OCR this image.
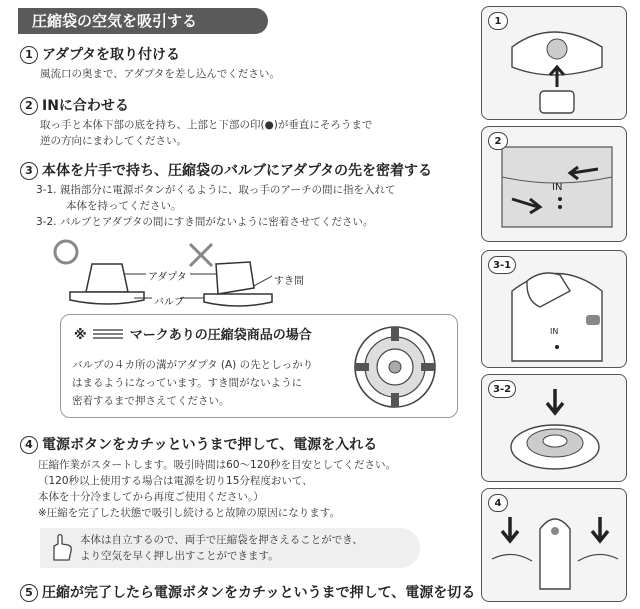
圧縮袋の空気を吸引する
1 アダプタを取り付ける
風流口の奥まで、アダプタを差し込んでください。
2 INに合わせる
取っ手と本体下部の底を持ち、上部と下部の印(●)が垂直にそろうまで
逆の方向にまわしてください。
3 本体を片手で持ち、圧縮袋のバルブにアダプタの先を密着する
3-1. 親指部分に電源ボタンがくるように、取っ手のアーチの間に指を入れて
本体を持ってください。
3-2. バルブとアダプタの間にすき間がないように密着させてください。
アダプタ
バルブ
すき間
※	マークありの圧縮袋商品の場合
バルブの４カ所の溝がアダプタ (A) の先としっかり
はまるようになっています。すき間がないように
密着するまで押さえてください。
4 電源ボタンをカチッというまで押して、電源を入れる
圧縮作業がスタートします。吸引時間は60～120秒を目安としてください。
（120秒以上使用する場合は電源を切り15分程度おいて、
本体を十分冷ましてから再度ご使用ください。）
※圧縮を完了した状態で吸引し続けると故障の原因になります。
本体は自立するので、両手で圧縮袋を押さえることができ、
より空気を早く押し出すことができます。
5 圧縮が完了したら電源ボタンをカチッというまで押して、電源を切る
1
2
IN
3-1
IN
3-2
4
